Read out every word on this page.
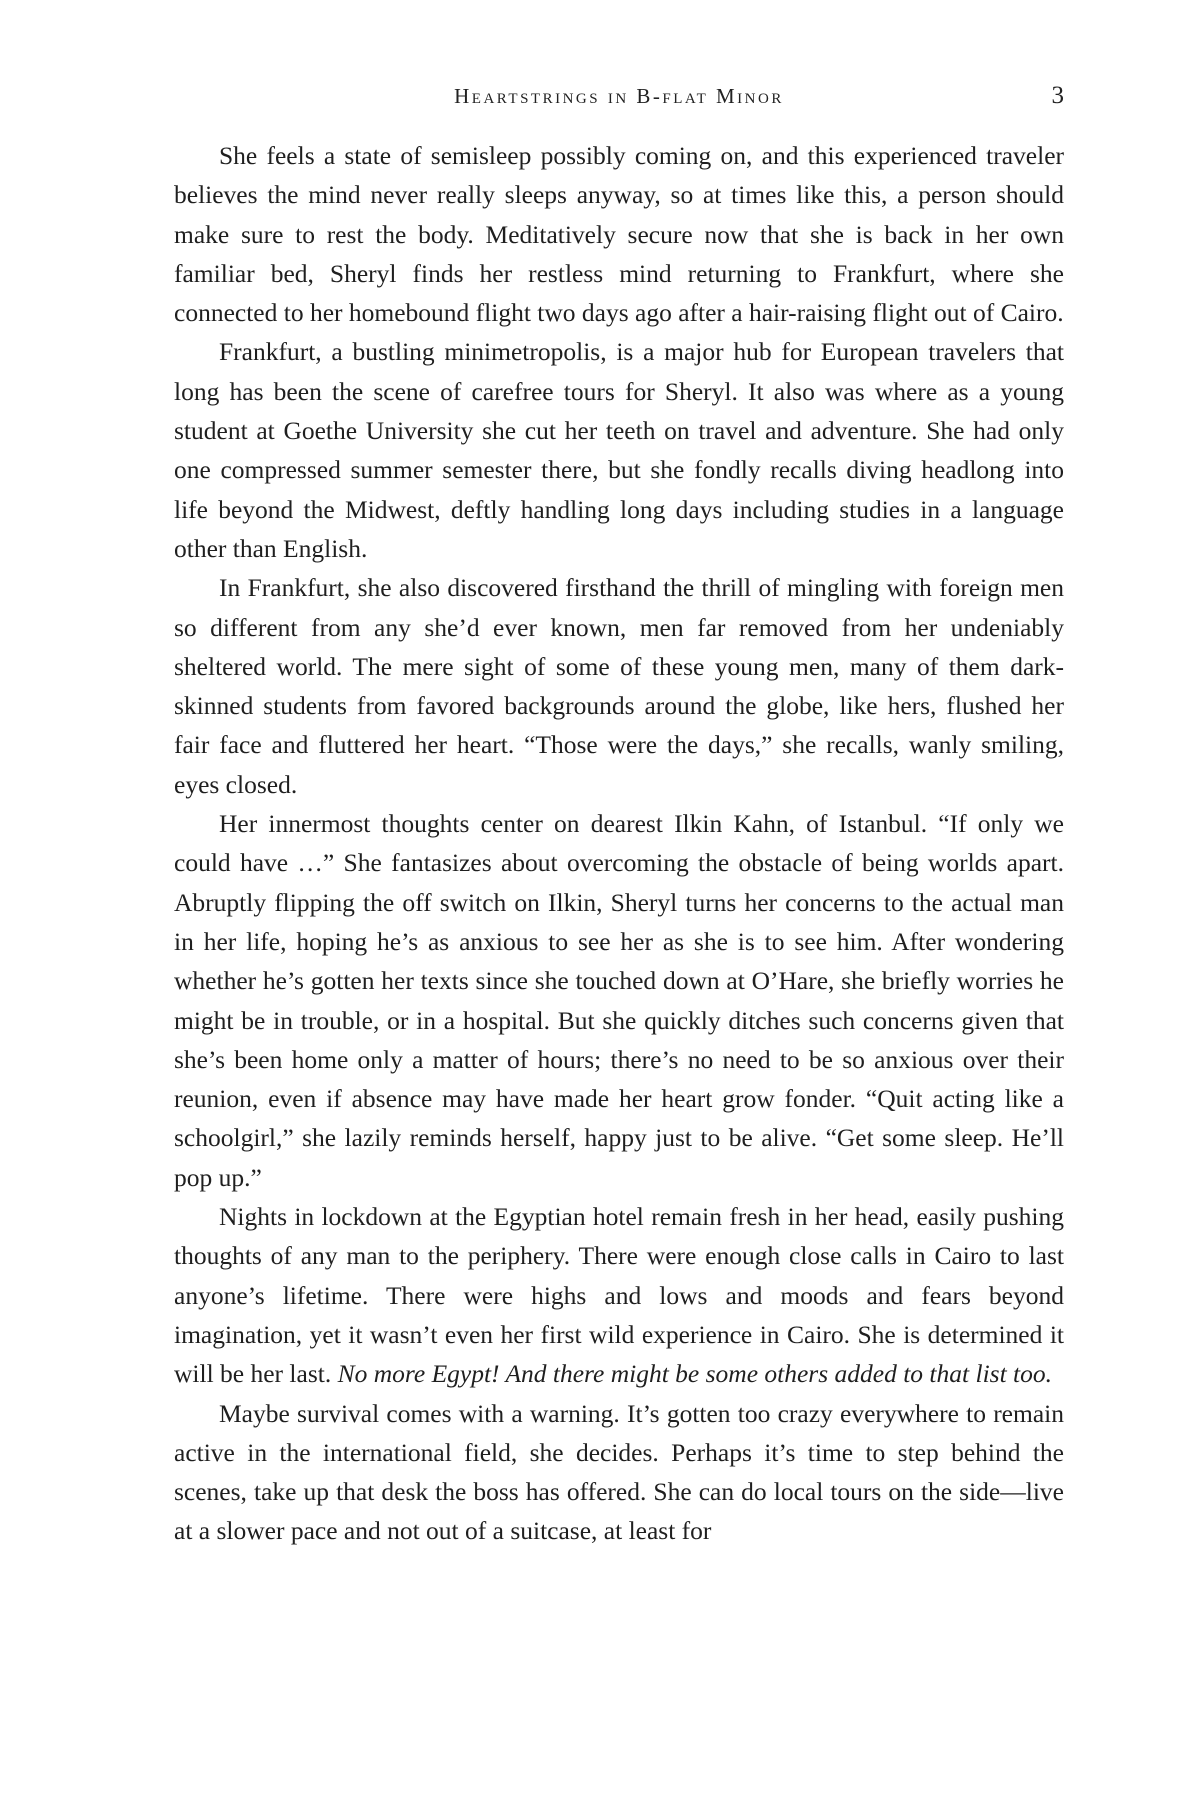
Heartstrings in B-flat Minor	3

She feels a state of semisleep possibly coming on, and this experienced traveler believes the mind never really sleeps anyway, so at times like this, a person should make sure to rest the body. Meditatively secure now that she is back in her own familiar bed, Sheryl finds her restless mind returning to Frankfurt, where she connected to her homebound flight two days ago after a hair-raising flight out of Cairo.

Frankfurt, a bustling minimetropolis, is a major hub for European travelers that long has been the scene of carefree tours for Sheryl. It also was where as a young student at Goethe University she cut her teeth on travel and adventure. She had only one compressed summer semester there, but she fondly recalls diving headlong into life beyond the Midwest, deftly handling long days including studies in a language other than English.

In Frankfurt, she also discovered firsthand the thrill of mingling with foreign men so different from any she’d ever known, men far removed from her undeniably sheltered world. The mere sight of some of these young men, many of them dark-skinned students from favored backgrounds around the globe, like hers, flushed her fair face and fluttered her heart. “Those were the days,” she recalls, wanly smiling, eyes closed.

Her innermost thoughts center on dearest Ilkin Kahn, of Istanbul. “If only we could have …” She fantasizes about overcoming the obstacle of being worlds apart. Abruptly flipping the off switch on Ilkin, Sheryl turns her concerns to the actual man in her life, hoping he’s as anxious to see her as she is to see him. After wondering whether he’s gotten her texts since she touched down at O’Hare, she briefly worries he might be in trouble, or in a hospital. But she quickly ditches such concerns given that she’s been home only a matter of hours; there’s no need to be so anxious over their reunion, even if absence may have made her heart grow fonder. “Quit acting like a schoolgirl,” she lazily reminds herself, happy just to be alive. “Get some sleep. He’ll pop up.”

Nights in lockdown at the Egyptian hotel remain fresh in her head, easily pushing thoughts of any man to the periphery. There were enough close calls in Cairo to last anyone’s lifetime. There were highs and lows and moods and fears beyond imagination, yet it wasn’t even her first wild experience in Cairo. She is determined it will be her last. No more Egypt! And there might be some others added to that list too.

Maybe survival comes with a warning. It’s gotten too crazy everywhere to remain active in the international field, she decides. Perhaps it’s time to step behind the scenes, take up that desk the boss has offered. She can do local tours on the side—live at a slower pace and not out of a suitcase, at least for
